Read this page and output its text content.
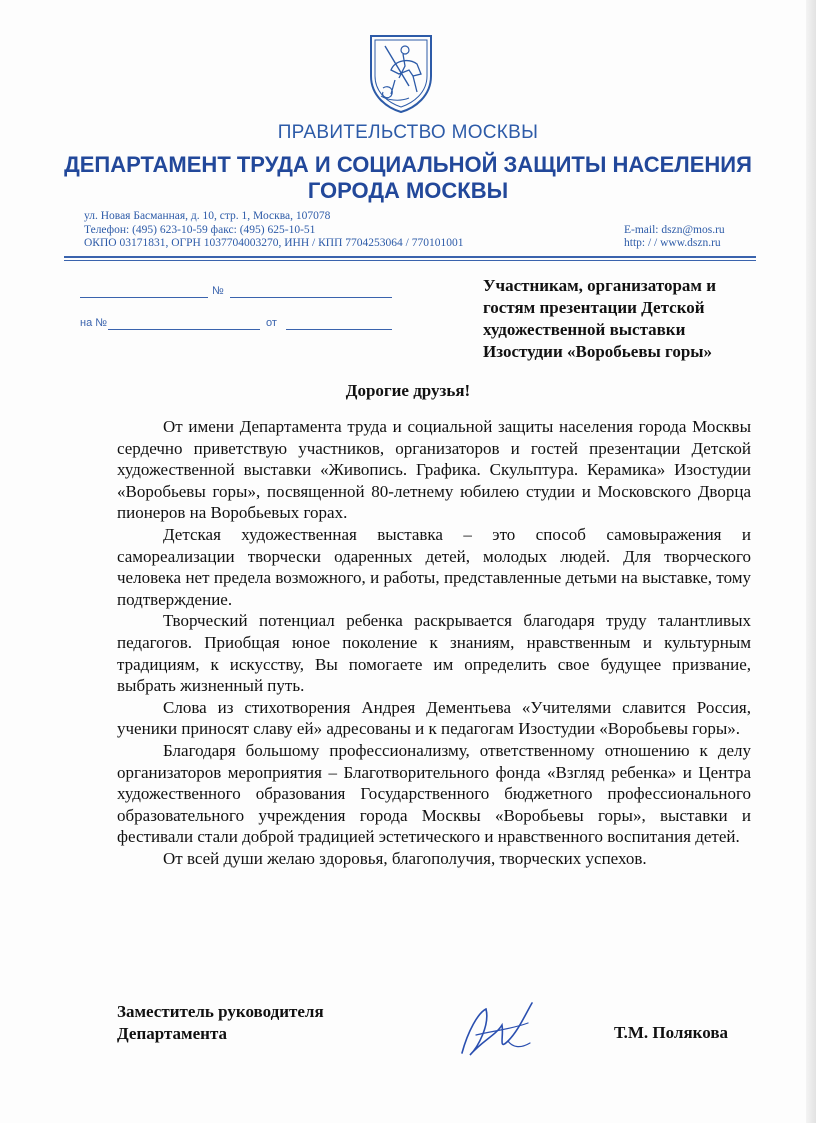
ПРАВИТЕЛЬСТВО МОСКВЫ
ДЕПАРТАМЕНТ ТРУДА И СОЦИАЛЬНОЙ ЗАЩИТЫ НАСЕЛЕНИЯ
ГОРОДА МОСКВЫ
ул. Новая Басманная, д. 10, стр. 1, Москва, 107078
Телефон: (495) 623-10-59 факс: (495) 625-10-51	E-mail: dszn@mos.ru
ОКПО 03171831, ОГРН 1037704003270, ИНН / КПП 7704253064 / 770101001	http: / / www.dszn.ru
№
на №	от
Участникам, организаторам и
гостям презентации Детской
художественной выставки
Изостудии «Воробьевы горы»
Дорогие друзья!

От имени Департамента труда и социальной защиты населения города Москвы сердечно приветствую участников, организаторов и гостей презентации Детской художественной выставки «Живопись. Графика. Скульптура. Керамика» Изостудии «Воробьевы горы», посвященной 80-летнему юбилею студии и Московского Дворца пионеров на Воробьевых горах.

Детская художественная выставка – это способ самовыражения и самореализации творчески одаренных детей, молодых людей. Для творческого человека нет предела возможного, и работы, представленные детьми на выставке, тому подтверждение.

Творческий потенциал ребенка раскрывается благодаря труду талантливых педагогов. Приобщая юное поколение к знаниям, нравственным и культурным традициям, к искусству, Вы помогаете им определить свое будущее призвание, выбрать жизненный путь.

Слова из стихотворения Андрея Дементьева «Учителями славится Россия, ученики приносят славу ей» адресованы и к педагогам Изостудии «Воробьевы горы».

Благодаря большому профессионализму, ответственному отношению к делу организаторов мероприятия – Благотворительного фонда «Взгляд ребенка» и Центра художественного образования Государственного бюджетного профессионального образовательного учреждения города Москвы «Воробьевы горы», выставки и фестивали стали доброй традицией эстетического и нравственного воспитания детей.

От всей души желаю здоровья, благополучия, творческих успехов.

Заместитель руководителя
Департамента	Т.М. Полякова
